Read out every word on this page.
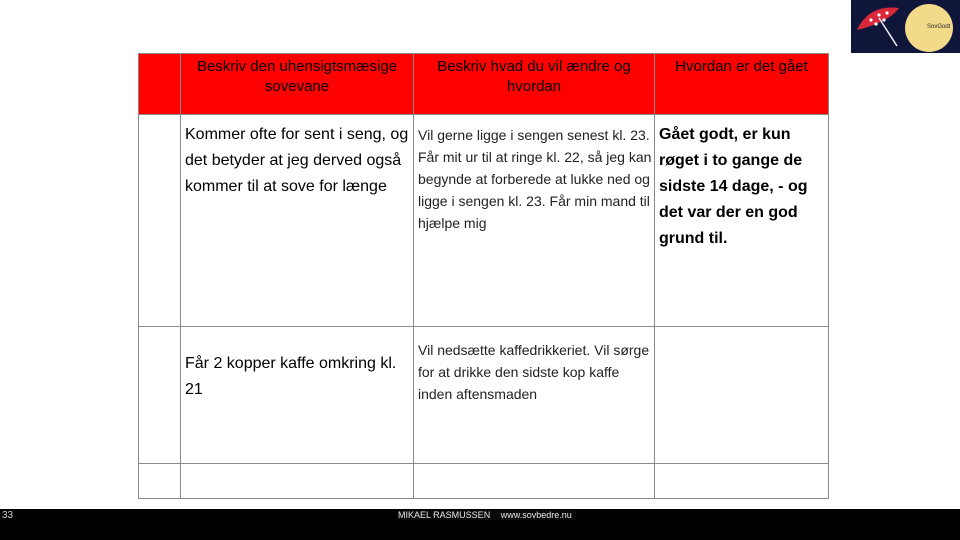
SovGodt

	Beskriv den uhensigtsmæsige sovevane	Beskriv hvad du vil ændre og hvordan	Hvordan er det gået

	Kommer ofte for sent i seng, og det betyder at jeg derved også kommer til at sove for længe	Vil gerne ligge i sengen senest kl. 23. Får mit ur til at ringe kl. 22, så jeg kan begynde at forberede at lukke ned og ligge i sengen kl. 23. Får min mand til hjælpe mig	Gået godt, er kun røget i to gange de sidste 14 dage, - og det var der en god grund til.

	Får 2 kopper kaffe omkring kl. 21	Vil nedsætte kaffedrikkeriet. Vil sørge for at drikke den sidste kop kaffe inden aftensmaden	

33	MIKAEL RASMUSSEN www.sovbedre.nu
